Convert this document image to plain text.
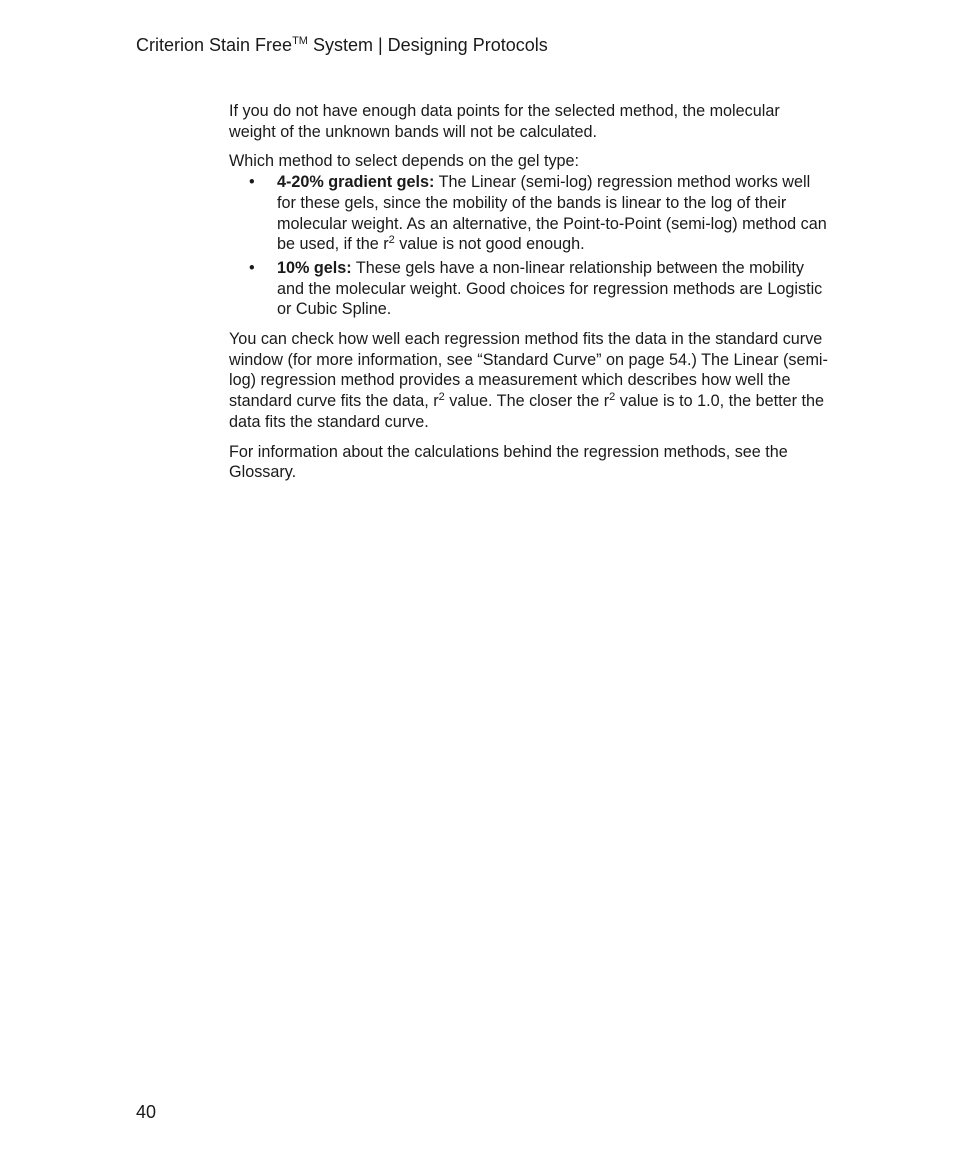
Criterion Stain Free™ System | Designing Protocols

If you do not have enough data points for the selected method, the molecular weight of the unknown bands will not be calculated.

Which method to select depends on the gel type:

• 4-20% gradient gels: The Linear (semi-log) regression method works well for these gels, since the mobility of the bands is linear to the log of their molecular weight. As an alternative, the Point-to-Point (semi-log) method can be used, if the $r^2$ value is not good enough.
• 10% gels: These gels have a non-linear relationship between the mobility and the molecular weight. Good choices for regression methods are Logistic or Cubic Spline.

You can check how well each regression method fits the data in the standard curve window (for more information, see “Standard Curve” on page 54.) The Linear (semi-log) regression method provides a measurement which describes how well the standard curve fits the data, $r^2$ value. The closer the $r^2$ value is to 1.0, the better the data fits the standard curve.

For information about the calculations behind the regression methods, see the Glossary.

40
